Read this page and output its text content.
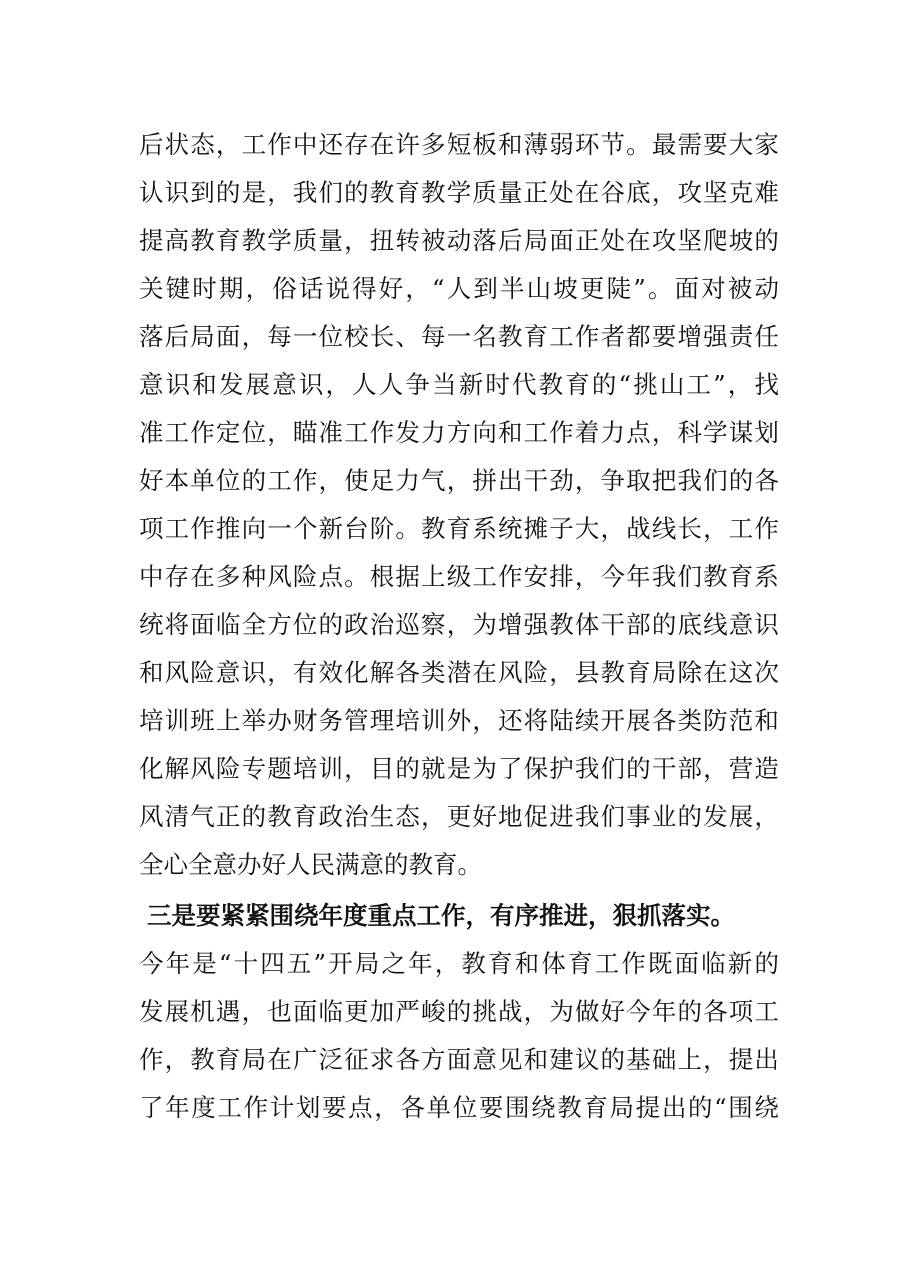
后 状 态 ， 工 作 中 还 存 在 许 多 短 板 和 薄 弱 环 节 。 最 需 要 大 家
认 识 到 的 是 ， 我 们 的 教 育 教 学 质 量 正 处 在 谷 底 ， 攻 坚 克 难
提 高 教 育 教 学 质 量 ， 扭 转 被 动 落 后 局 面 正 处 在 攻 坚 爬 坡 的
关 键 时 期 ， 俗 话 说 得 好 ， “ 人 到 半 山 坡 更 陡 ” 。 面 对 被 动
落 后 局 面 ， 每 一 位 校 长 、 每 一 名 教 育 工 作 者 都 要 增 强 责 任
意 识 和 发 展 意 识 ， 人 人 争 当 新 时 代 教 育 的 “ 挑 山 工 ” ， 找
准 工 作 定 位 ， 瞄 准 工 作 发 力 方 向 和 工 作 着 力 点 ， 科 学 谋 划
好 本 单 位 的 工 作 ， 使 足 力 气 ， 拼 出 干 劲 ， 争 取 把 我 们 的 各
项 工 作 推 向 一 个 新 台 阶 。 教 育 系 统 摊 子 大 ， 战 线 长 ， 工 作
中 存 在 多 种 风 险 点 。 根 据 上 级 工 作 安 排 ， 今 年 我 们 教 育 系
统 将 面 临 全 方 位 的 政 治 巡 察 ， 为 增 强 教 体 干 部 的 底 线 意 识
和 风 险 意 识 ， 有 效 化 解 各 类 潜 在 风 险 ， 县 教 育 局 除 在 这 次
培 训 班 上 举 办 财 务 管 理 培 训 外 ， 还 将 陆 续 开 展 各 类 防 范 和
化 解 风 险 专 题 培 训 ， 目 的 就 是 为 了 保 护 我 们 的 干 部 ， 营 造
风 清 气 正 的 教 育 政 治 生 态 ， 更 好 地 促 进 我 们 事 业 的 发 展 ，
全心全意办好人民满意的教育。
三是要紧紧围绕年度重点工作，有序推进，狠抓落实。
今 年 是 “ 十 四 五 ” 开 局 之 年 ， 教 育 和 体 育 工 作 既 面 临 新 的
发 展 机 遇 ， 也 面 临 更 加 严 峻 的 挑 战 ， 为 做 好 今 年 的 各 项 工
作 ， 教 育 局 在 广 泛 征 求 各 方 面 意 见 和 建 议 的 基 础 上 ， 提 出
了 年 度 工 作 计 划 要 点 ， 各 单 位 要 围 绕 教 育 局 提 出 的 “ 围 绕
